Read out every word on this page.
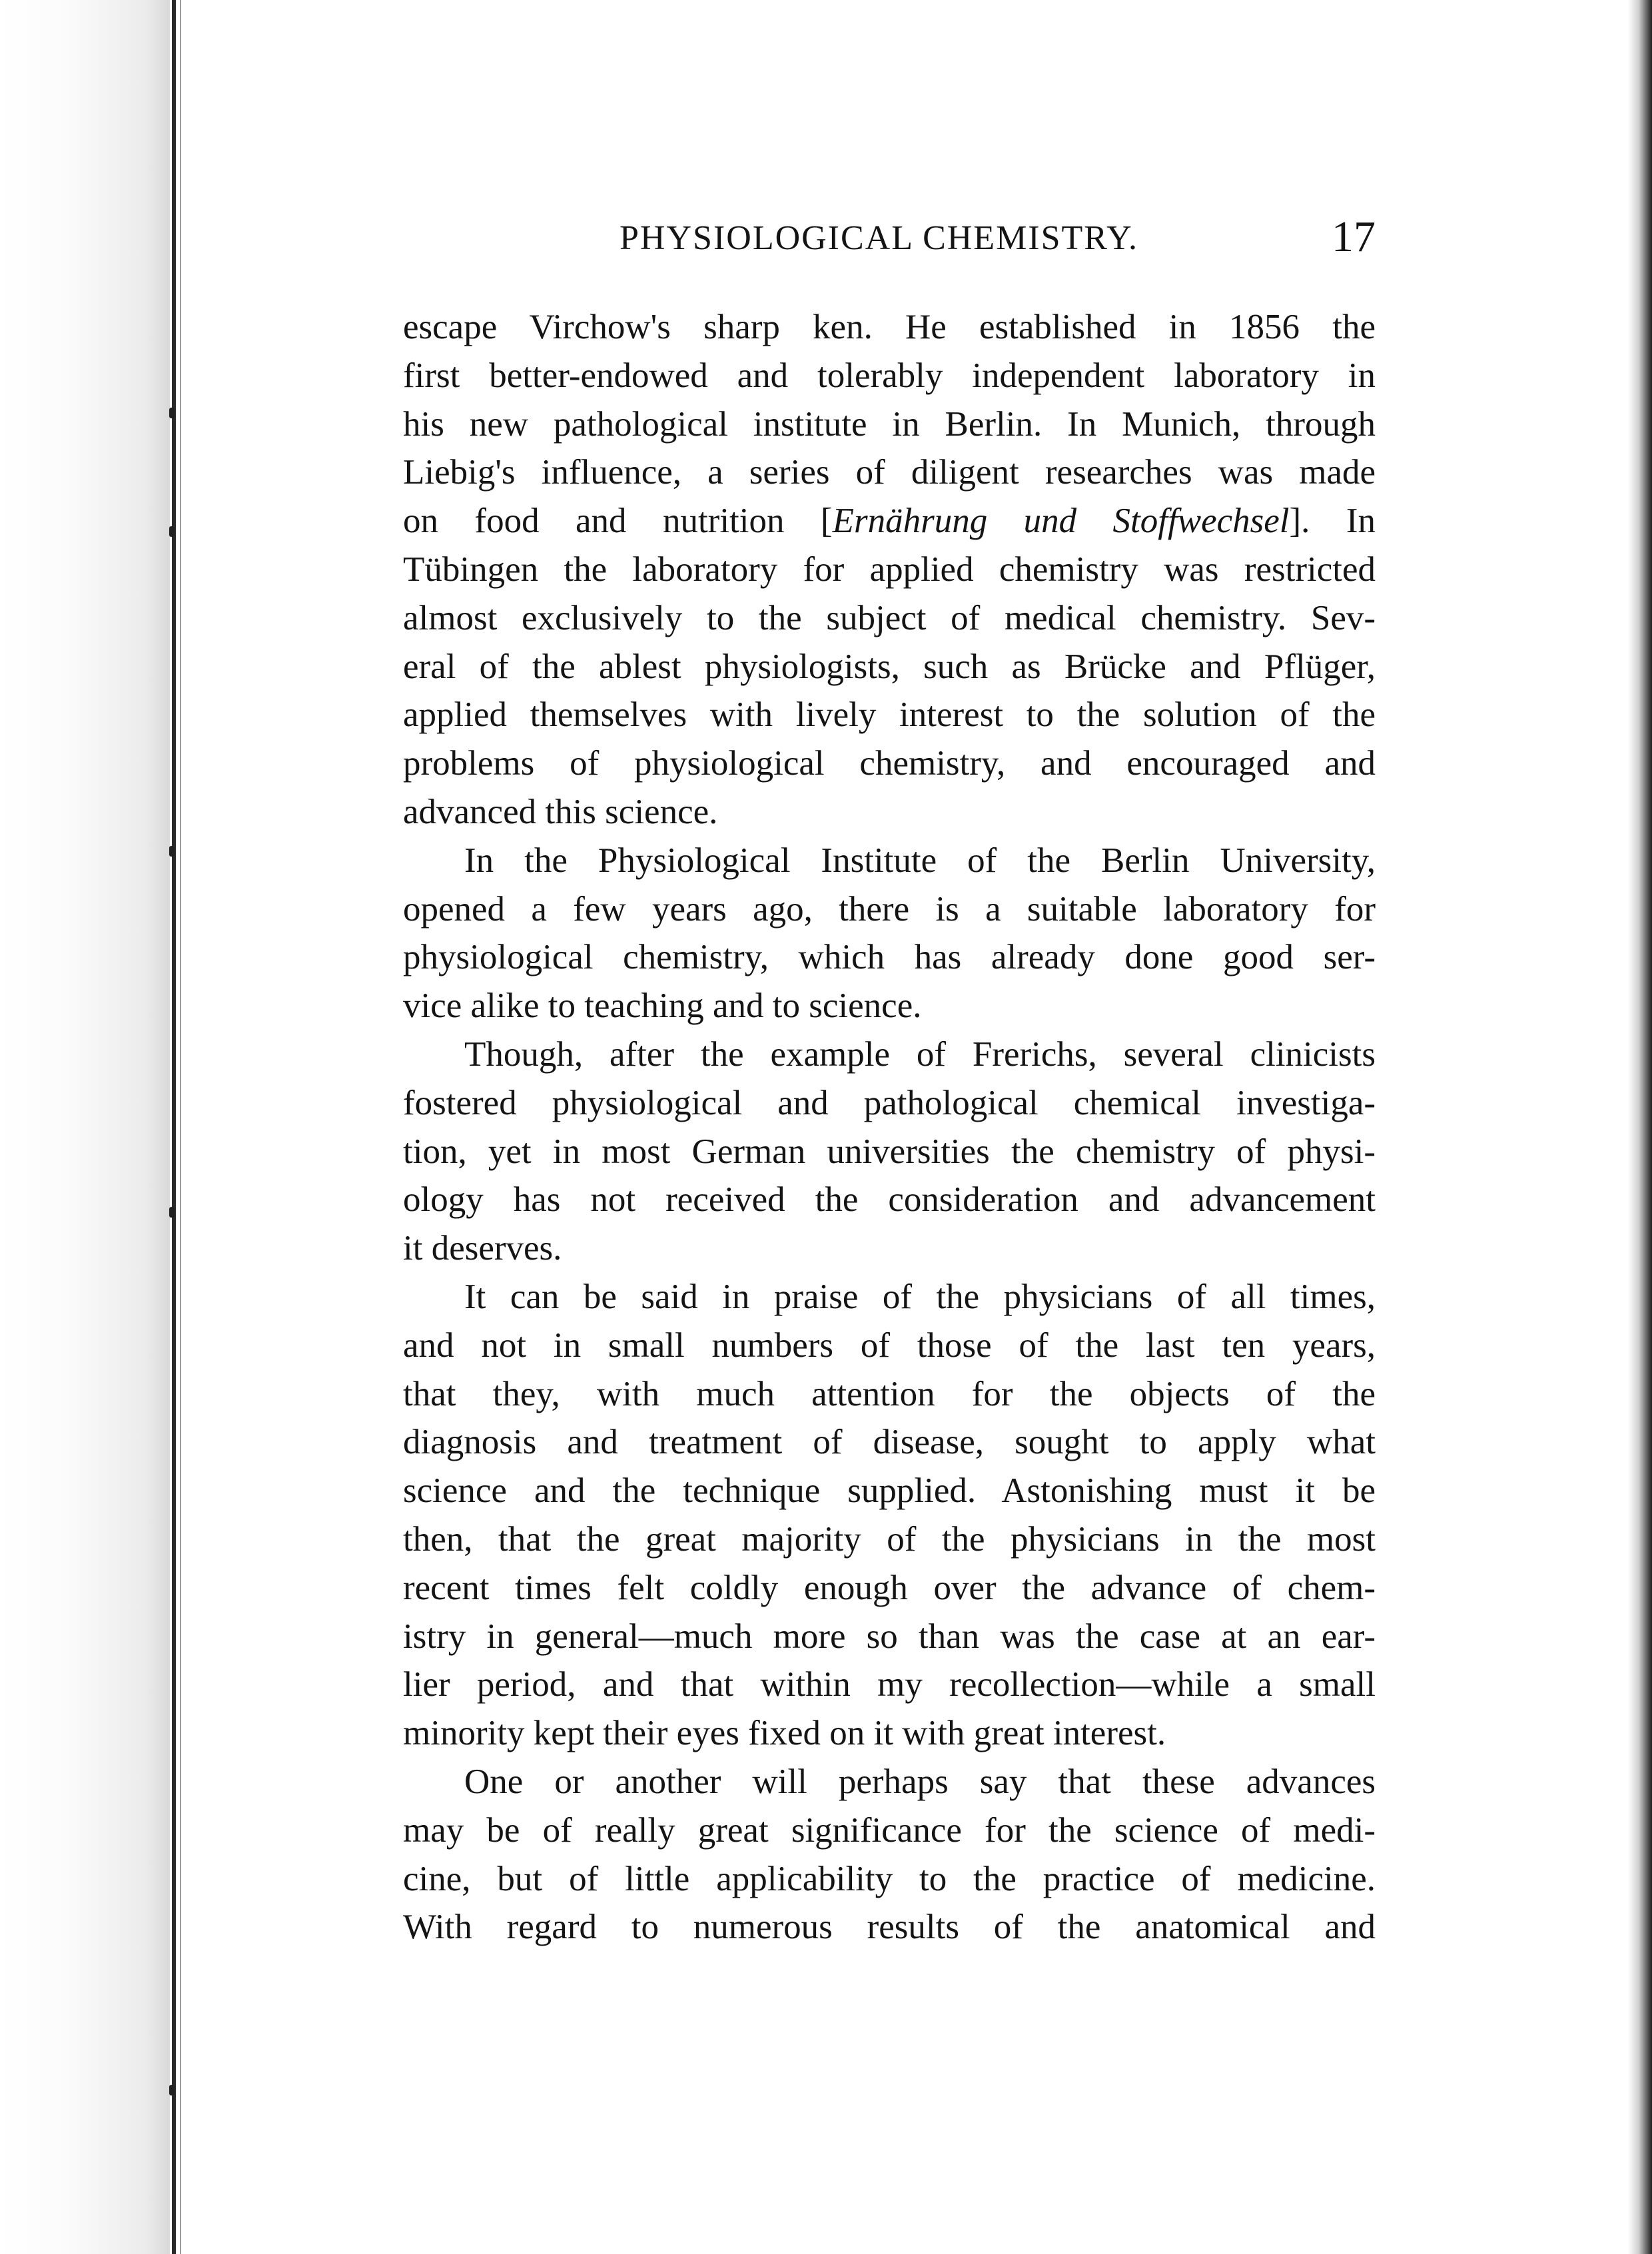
PHYSIOLOGICAL CHEMISTRY.	17
escape Virchow's sharp ken. He established in 1856 the
first better-endowed and tolerably independent laboratory in
his new pathological institute in Berlin. In Munich, through
Liebig's influence, a series of diligent researches was made
on food and nutrition [Ernährung und Stoffwechsel]. In
Tübingen the laboratory for applied chemistry was restricted
almost exclusively to the subject of medical chemistry. Sev-
eral of the ablest physiologists, such as Brücke and Pflüger,
applied themselves with lively interest to the solution of the
problems of physiological chemistry, and encouraged and
advanced this science.
In the Physiological Institute of the Berlin University,
opened a few years ago, there is a suitable laboratory for
physiological chemistry, which has already done good ser-
vice alike to teaching and to science.
Though, after the example of Frerichs, several clinicists
fostered physiological and pathological chemical investiga-
tion, yet in most German universities the chemistry of physi-
ology has not received the consideration and advancement
it deserves.
It can be said in praise of the physicians of all times,
and not in small numbers of those of the last ten years,
that they, with much attention for the objects of the
diagnosis and treatment of disease, sought to apply what
science and the technique supplied. Astonishing must it be
then, that the great majority of the physicians in the most
recent times felt coldly enough over the advance of chem-
istry in general—much more so than was the case at an ear-
lier period, and that within my recollection—while a small
minority kept their eyes fixed on it with great interest.
One or another will perhaps say that these advances
may be of really great significance for the science of medi-
cine, but of little applicability to the practice of medicine.
With regard to numerous results of the anatomical and
